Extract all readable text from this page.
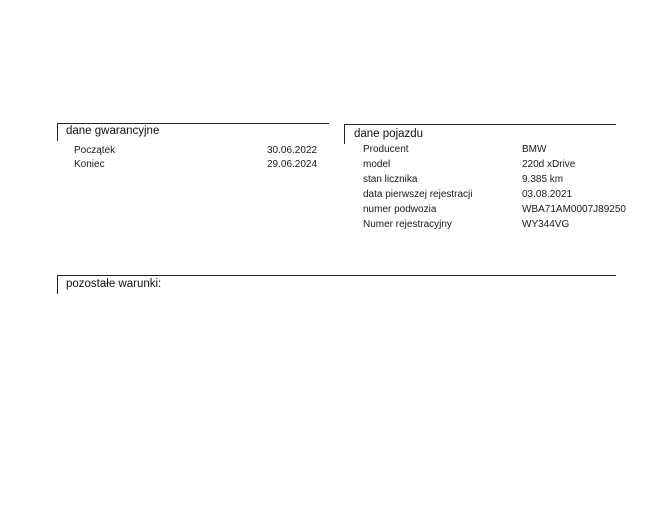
dane gwarancyjne
Początek	30.06.2022
Koniec	29.06.2024
dane pojazdu
Producent	BMW
model	220d xDrive
stan licznika	9.385 km
data pierwszej rejestracji	03.08.2021
numer podwozia	WBA71AM0007J89250
Numer rejestracyjny	WY344VG
pozostałe warunki:
